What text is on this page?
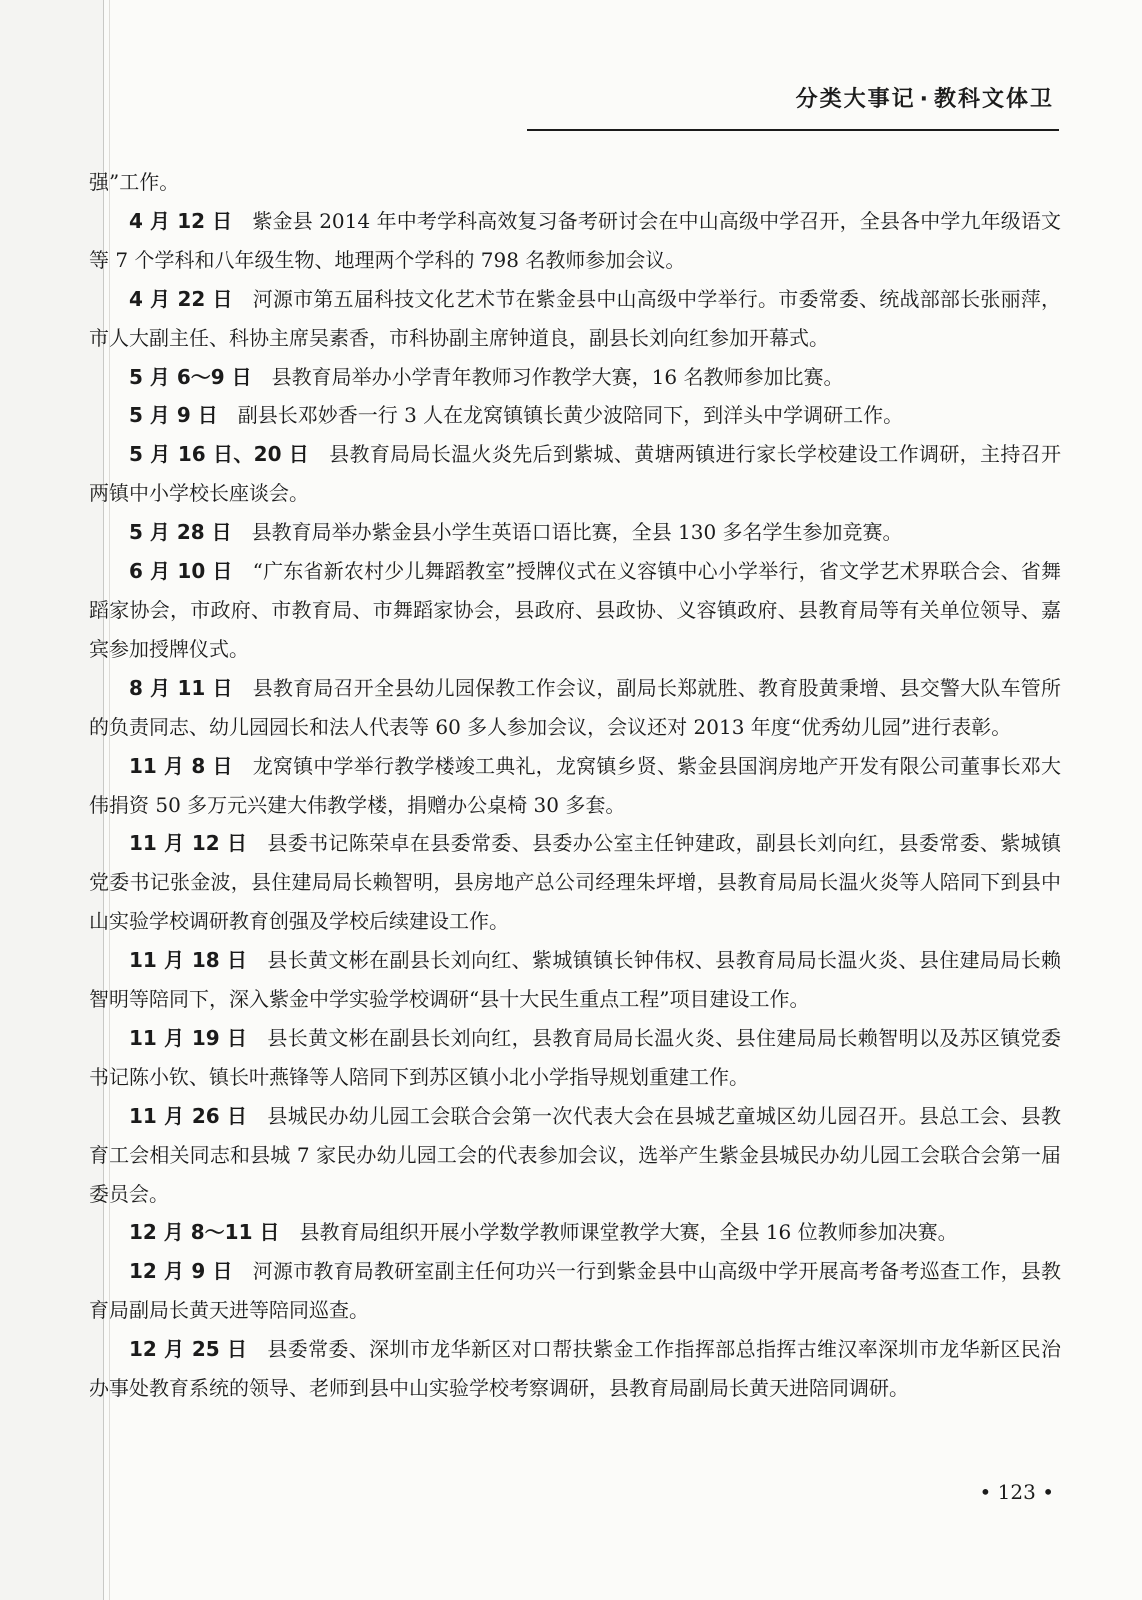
分类大事记 · 教科文体卫

强”工作。

4 月 12 日 紫金县 2014 年中考学科高效复习备考研讨会在中山高级中学召开，全县各中学九年级语文等 7 个学科和八年级生物、地理两个学科的 798 名教师参加会议。

4 月 22 日 河源市第五届科技文化艺术节在紫金县中山高级中学举行。市委常委、统战部部长张丽萍，市人大副主任、科协主席吴素香，市科协副主席钟道良，副县长刘向红参加开幕式。

5 月 6～9 日 县教育局举办小学青年教师习作教学大赛，16 名教师参加比赛。

5 月 9 日 副县长邓妙香一行 3 人在龙窝镇镇长黄少波陪同下，到洋头中学调研工作。

5 月 16 日、20 日 县教育局局长温火炎先后到紫城、黄塘两镇进行家长学校建设工作调研，主持召开两镇中小学校长座谈会。

5 月 28 日 县教育局举办紫金县小学生英语口语比赛，全县 130 多名学生参加竞赛。

6 月 10 日 “广东省新农村少儿舞蹈教室”授牌仪式在义容镇中心小学举行，省文学艺术界联合会、省舞蹈家协会，市政府、市教育局、市舞蹈家协会，县政府、县政协、义容镇政府、县教育局等有关单位领导、嘉宾参加授牌仪式。

8 月 11 日 县教育局召开全县幼儿园保教工作会议，副局长郑就胜、教育股黄秉增、县交警大队车管所的负责同志、幼儿园园长和法人代表等 60 多人参加会议，会议还对 2013 年度“优秀幼儿园”进行表彰。

11 月 8 日 龙窝镇中学举行教学楼竣工典礼，龙窝镇乡贤、紫金县国润房地产开发有限公司董事长邓大伟捐资 50 多万元兴建大伟教学楼，捐赠办公桌椅 30 多套。

11 月 12 日 县委书记陈荣卓在县委常委、县委办公室主任钟建政，副县长刘向红，县委常委、紫城镇党委书记张金波，县住建局局长赖智明，县房地产总公司经理朱坪增，县教育局局长温火炎等人陪同下到县中山实验学校调研教育创强及学校后续建设工作。

11 月 18 日 县长黄文彬在副县长刘向红、紫城镇镇长钟伟权、县教育局局长温火炎、县住建局局长赖智明等陪同下，深入紫金中学实验学校调研“县十大民生重点工程”项目建设工作。

11 月 19 日 县长黄文彬在副县长刘向红，县教育局局长温火炎、县住建局局长赖智明以及苏区镇党委书记陈小钦、镇长叶燕锋等人陪同下到苏区镇小北小学指导规划重建工作。

11 月 26 日 县城民办幼儿园工会联合会第一次代表大会在县城艺童城区幼儿园召开。县总工会、县教育工会相关同志和县城 7 家民办幼儿园工会的代表参加会议，选举产生紫金县城民办幼儿园工会联合会第一届委员会。

12 月 8～11 日 县教育局组织开展小学数学教师课堂教学大赛，全县 16 位教师参加决赛。

12 月 9 日 河源市教育局教研室副主任何功兴一行到紫金县中山高级中学开展高考备考巡查工作，县教育局副局长黄天进等陪同巡查。

12 月 25 日 县委常委、深圳市龙华新区对口帮扶紫金工作指挥部总指挥古维汉率深圳市龙华新区民治办事处教育系统的领导、老师到县中山实验学校考察调研，县教育局副局长黄天进陪同调研。

• 123 •
